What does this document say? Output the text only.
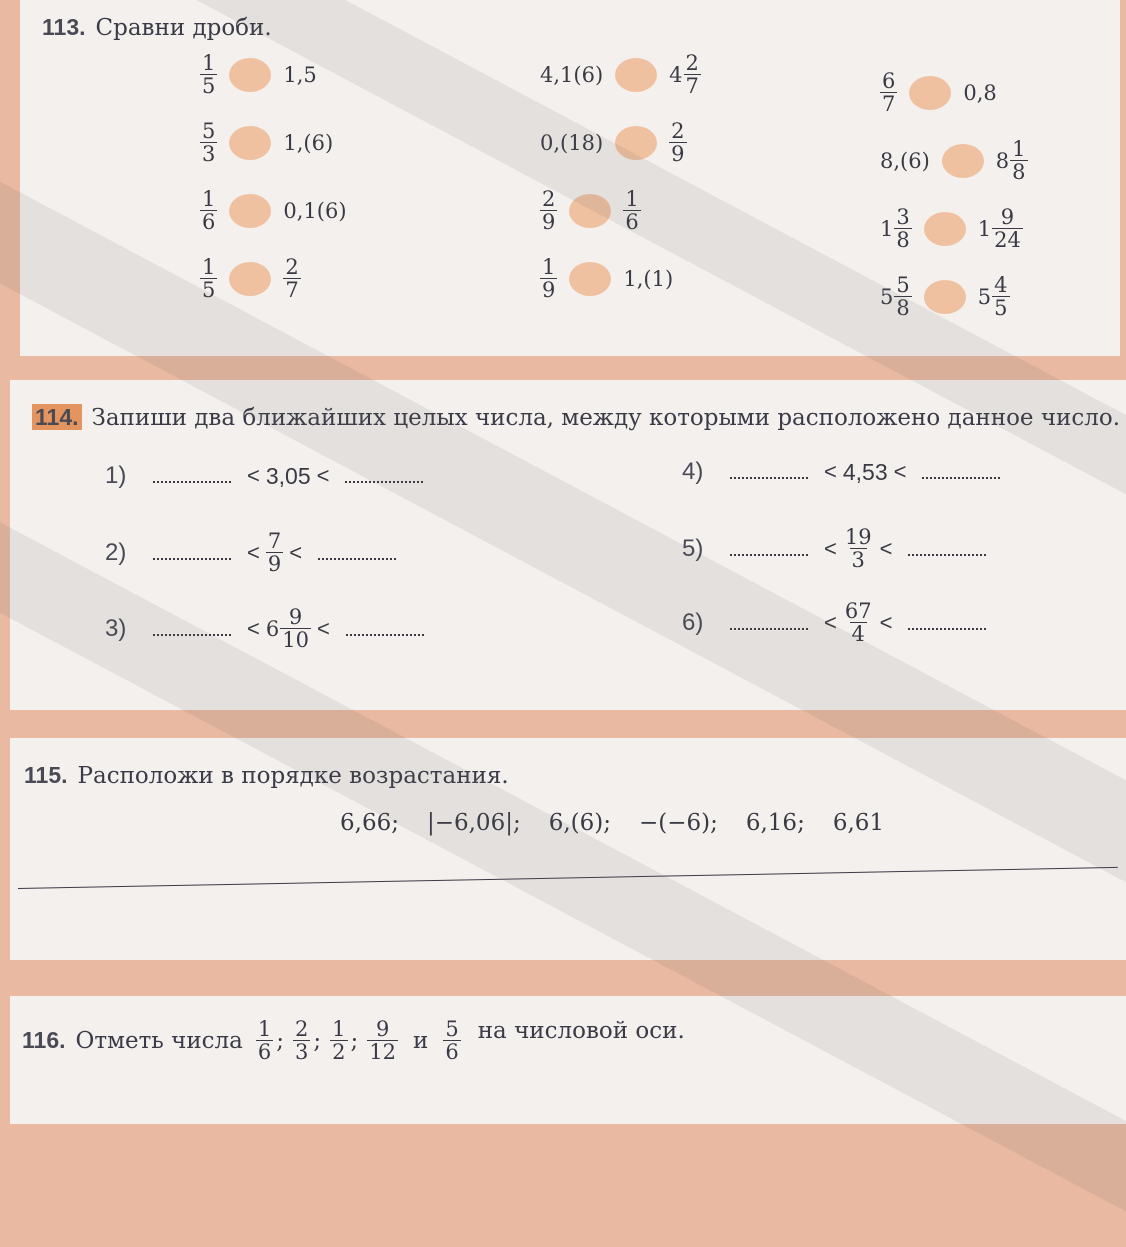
113. Сравни дроби.
$\frac{1}{5}$	1,5
$\frac{5}{3}$	1,(6)
$\frac{1}{6}$	0,1(6)
$\frac{1}{5}$	$\frac{2}{7}$
4,1(6)	$4 \frac{2}{7}$
0,(18)	$\frac{2}{9}$
$\frac{2}{9}$	$\frac{1}{6}$
$\frac{1}{9}$	1,(1)
$\frac{6}{7}$	0,8
8,(6)	$8 \frac{1}{8}$
$1 \frac{3}{8}$	$1 \frac{9}{24}$
$5 \frac{5}{8}$	$5 \frac{4}{5}$
114. Запиши два ближайших целых числа, между которыми расположено данное число.
1)	< 3,05 <
2)	< $\frac{7}{9}$ <
3)	< $6 \frac{9}{10}$ <
4)	< 4,53 <
5)	< $\frac{19}{3}$ <
6)	< $\frac{67}{4}$ <
115. Расположи в порядке возрастания.
6,66; |−6,06|; 6,(6); −(−6); 6,16; 6,61
116. Отметь числа $\frac{1}{6}$ ; $\frac{2}{3}$ ; $\frac{1}{2}$ ; $\frac{9}{12}$ и $\frac{5}{6}$ на числовой оси.
